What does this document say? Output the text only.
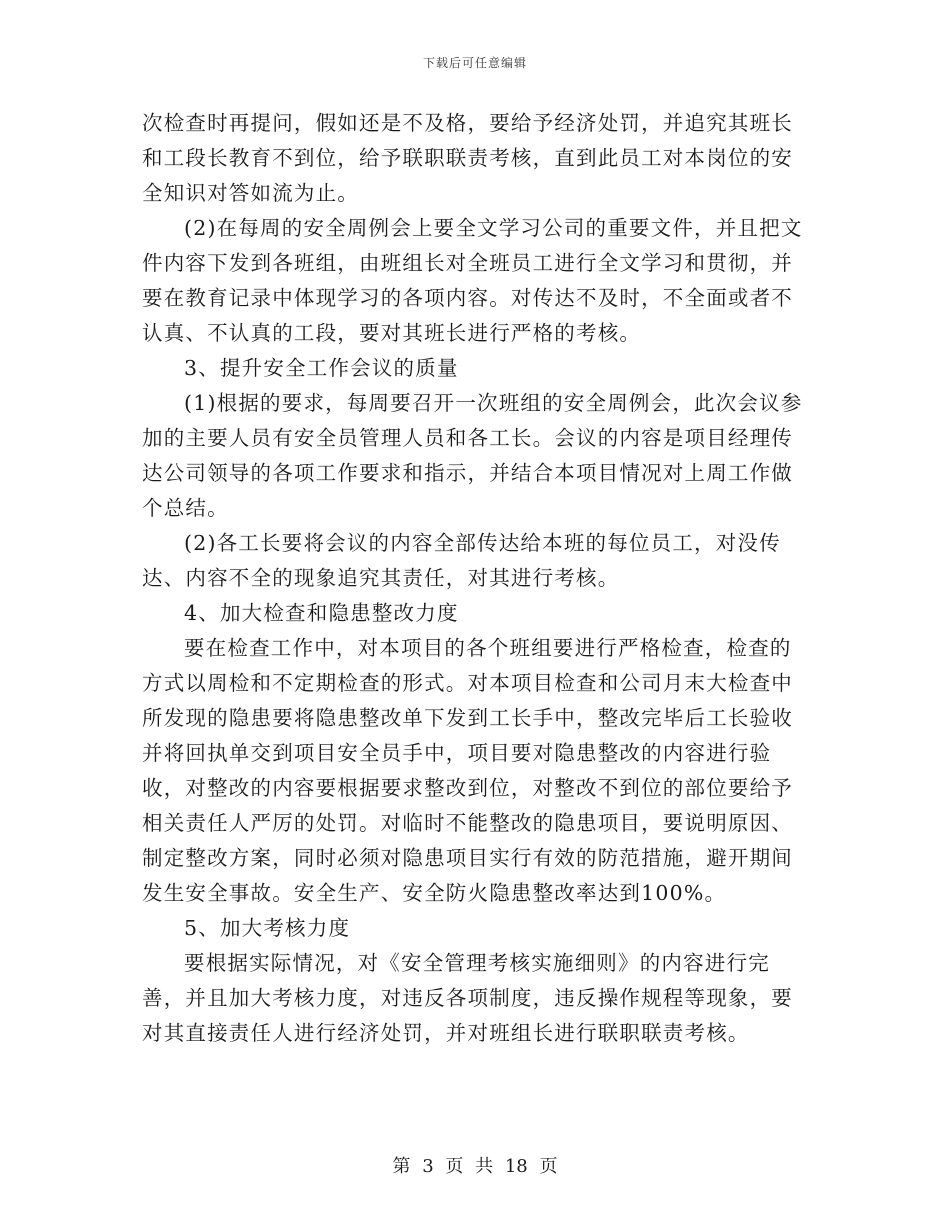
下载后可任意编辑

次检查时再提问，假如还是不及格，要给予经济处罚，并追究其班长和工段长教育不到位，给予联职联责考核，直到此员工对本岗位的安全知识对答如流为止。

(2)在每周的安全周例会上要全文学习公司的重要文件，并且把文件内容下发到各班组，由班组长对全班员工进行全文学习和贯彻，并要在教育记录中体现学习的各项内容。对传达不及时，不全面或者不认真、不认真的工段，要对其班长进行严格的考核。

3、提升安全工作会议的质量

(1)根据的要求，每周要召开一次班组的安全周例会，此次会议参加的主要人员有安全员管理人员和各工长。会议的内容是项目经理传达公司领导的各项工作要求和指示，并结合本项目情况对上周工作做个总结。

(2)各工长要将会议的内容全部传达给本班的每位员工，对没传达、内容不全的现象追究其责任，对其进行考核。

4、加大检查和隐患整改力度

要在检查工作中，对本项目的各个班组要进行严格检查，检查的方式以周检和不定期检查的形式。对本项目检查和公司月末大检查中所发现的隐患要将隐患整改单下发到工长手中，整改完毕后工长验收并将回执单交到项目安全员手中，项目要对隐患整改的内容进行验收，对整改的内容要根据要求整改到位，对整改不到位的部位要给予相关责任人严厉的处罚。对临时不能整改的隐患项目，要说明原因、制定整改方案，同时必须对隐患项目实行有效的防范措施，避开期间发生安全事故。安全生产、安全防火隐患整改率达到100%。

5、加大考核力度

要根据实际情况，对《安全管理考核实施细则》的内容进行完善，并且加大考核力度，对违反各项制度，违反操作规程等现象，要对其直接责任人进行经济处罚，并对班组长进行联职联责考核。

第 3 页 共 18 页
